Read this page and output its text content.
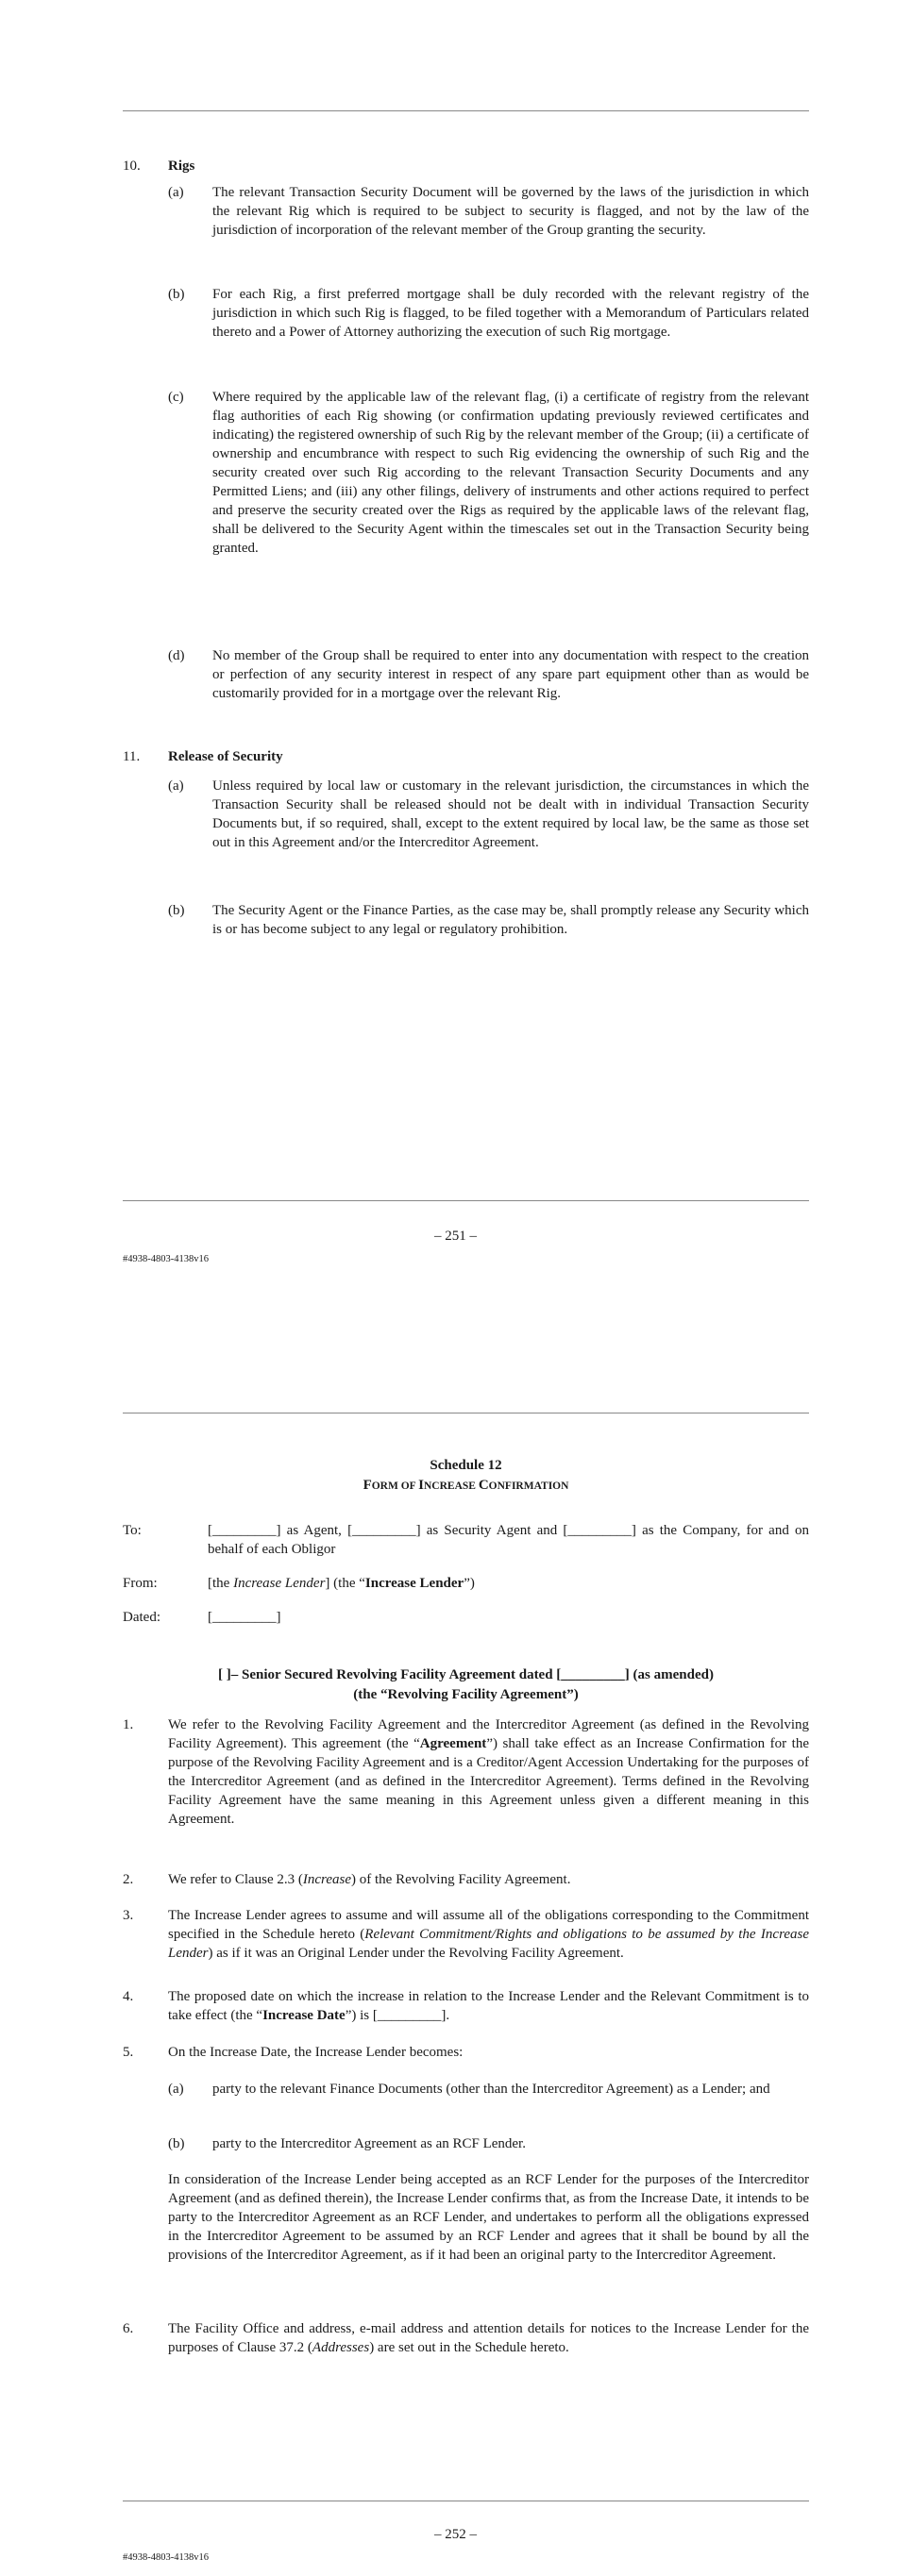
10. Rigs
(a) The relevant Transaction Security Document will be governed by the laws of the jurisdiction in which the relevant Rig which is required to be subject to security is flagged, and not by the law of the jurisdiction of incorporation of the relevant member of the Group granting the security.
(b) For each Rig, a first preferred mortgage shall be duly recorded with the relevant registry of the jurisdiction in which such Rig is flagged, to be filed together with a Memorandum of Particulars related thereto and a Power of Attorney authorizing the execution of such Rig mortgage.
(c) Where required by the applicable law of the relevant flag, (i) a certificate of registry from the relevant flag authorities of each Rig showing (or confirmation updating previously reviewed certificates and indicating) the registered ownership of such Rig by the relevant member of the Group; (ii) a certificate of ownership and encumbrance with respect to such Rig evidencing the ownership of such Rig and the security created over such Rig according to the relevant Transaction Security Documents and any Permitted Liens; and (iii) any other filings, delivery of instruments and other actions required to perfect and preserve the security created over the Rigs as required by the applicable laws of the relevant flag, shall be delivered to the Security Agent within the timescales set out in the Transaction Security being granted.
(d) No member of the Group shall be required to enter into any documentation with respect to the creation or perfection of any security interest in respect of any spare part equipment other than as would be customarily provided for in a mortgage over the relevant Rig.
11. Release of Security
(a) Unless required by local law or customary in the relevant jurisdiction, the circumstances in which the Transaction Security shall be released should not be dealt with in individual Transaction Security Documents but, if so required, shall, except to the extent required by local law, be the same as those set out in this Agreement and/or the Intercreditor Agreement.
(b) The Security Agent or the Finance Parties, as the case may be, shall promptly release any Security which is or has become subject to any legal or regulatory prohibition.
– 251 –
#4938-4803-4138v16
Schedule 12
FORM OF INCREASE CONFIRMATION
To:	[_________] as Agent, [_________] as Security Agent and [_________] as the Company, for and on behalf of each Obligor
From:	[the Increase Lender] (the “Increase Lender”)
Dated:	[_________]
[ ]– Senior Secured Revolving Facility Agreement dated [_________] (as amended)
(the “Revolving Facility Agreement”)
1. We refer to the Revolving Facility Agreement and the Intercreditor Agreement (as defined in the Revolving Facility Agreement). This agreement (the “Agreement”) shall take effect as an Increase Confirmation for the purpose of the Revolving Facility Agreement and is a Creditor/Agent Accession Undertaking for the purposes of the Intercreditor Agreement (and as defined in the Intercreditor Agreement). Terms defined in the Revolving Facility Agreement have the same meaning in this Agreement unless given a different meaning in this Agreement.
2. We refer to Clause 2.3 (Increase) of the Revolving Facility Agreement.
3. The Increase Lender agrees to assume and will assume all of the obligations corresponding to the Commitment specified in the Schedule hereto (Relevant Commitment/Rights and obligations to be assumed by the Increase Lender) as if it was an Original Lender under the Revolving Facility Agreement.
4. The proposed date on which the increase in relation to the Increase Lender and the Relevant Commitment is to take effect (the “Increase Date”) is [_________].
5. On the Increase Date, the Increase Lender becomes:
(a) party to the relevant Finance Documents (other than the Intercreditor Agreement) as a Lender; and
(b) party to the Intercreditor Agreement as an RCF Lender.
In consideration of the Increase Lender being accepted as an RCF Lender for the purposes of the Intercreditor Agreement (and as defined therein), the Increase Lender confirms that, as from the Increase Date, it intends to be party to the Intercreditor Agreement as an RCF Lender, and undertakes to perform all the obligations expressed in the Intercreditor Agreement to be assumed by an RCF Lender and agrees that it shall be bound by all the provisions of the Intercreditor Agreement, as if it had been an original party to the Intercreditor Agreement.
6. The Facility Office and address, e-mail address and attention details for notices to the Increase Lender for the purposes of Clause 37.2 (Addresses) are set out in the Schedule hereto.
– 252 –
#4938-4803-4138v16
